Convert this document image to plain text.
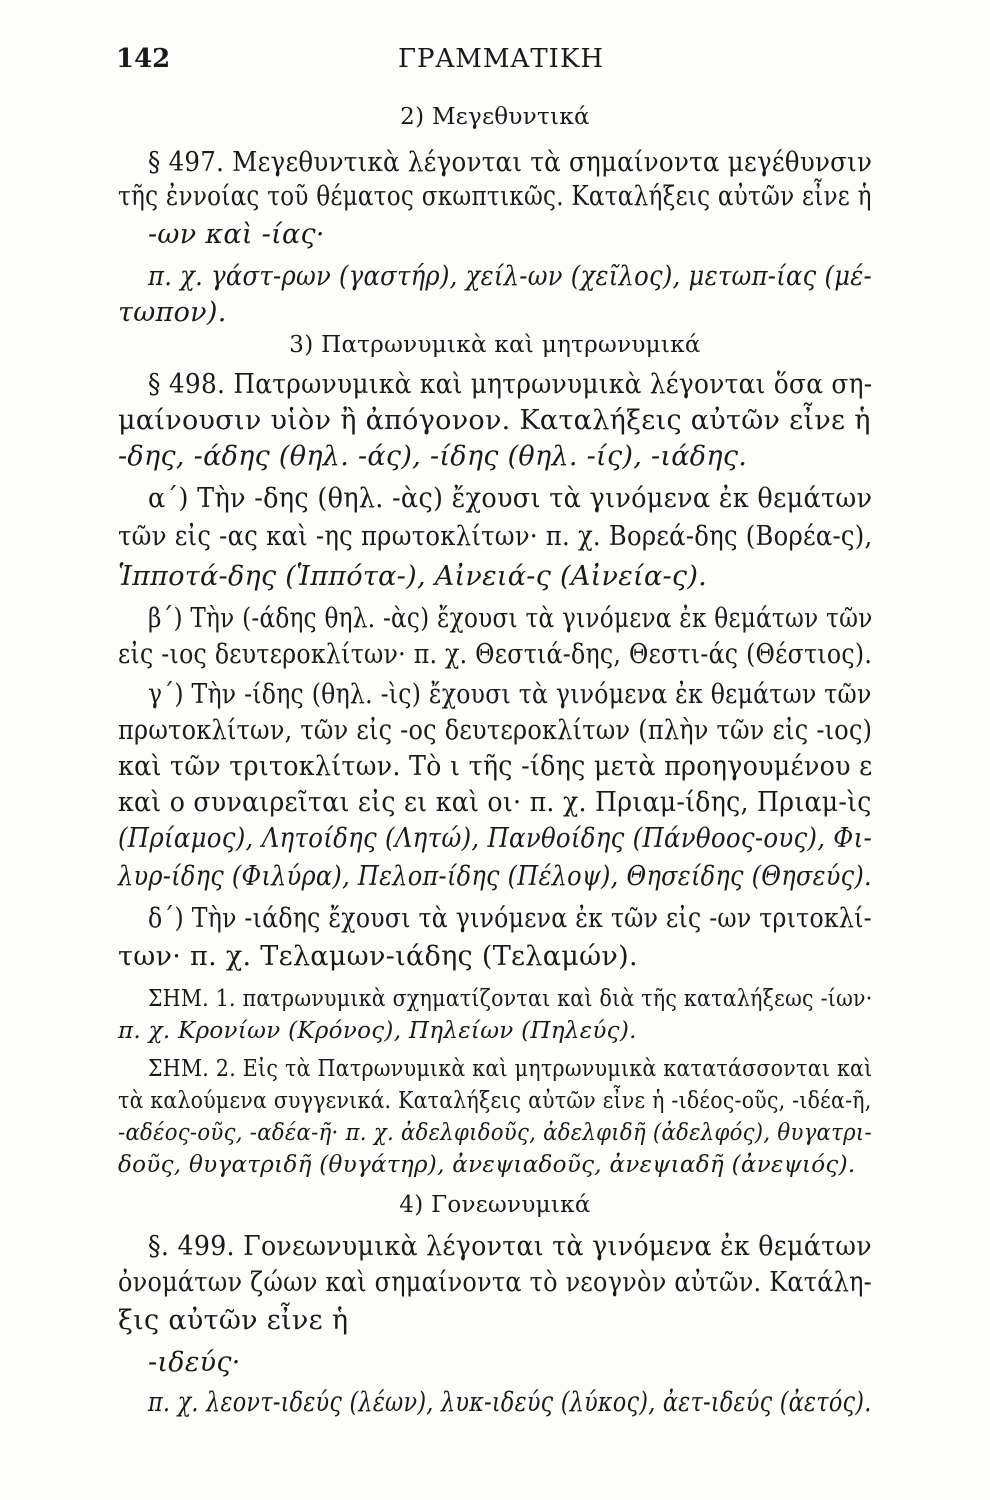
142	ΓΡΑΜΜΑΤΙΚΗ
2) Μεγεθυντικά
§ 497. Μεγεθυντικὰ λέγονται τὰ σημαίνοντα μεγέθυνσιν
τῆς ἐννοίας τοῦ θέματος σκωπτικῶς. Καταλήξεις αὐτῶν εἶνε ἡ
-ων καὶ -ίας·
π. χ. γάστ-ρων (γαστήρ), χείλ-ων (χεῖλος), μετωπ-ίας (μέ-
τωπον).
3) Πατρωνυμικὰ καὶ μητρωνυμικά
§ 498. Πατρωνυμικὰ καὶ μητρωνυμικὰ λέγονται ὅσα ση-
μαίνουσιν υἱὸν ἢ ἀπόγονον. Καταλήξεις αὐτῶν εἶνε ἡ
-δης, -άδης (θηλ. -άς), -ίδης (θηλ. -ίς), -ιάδης.
α΄) Τὴν -δης (θηλ. -ὰς) ἔχουσι τὰ γινόμενα ἐκ θεμάτων
τῶν εἰς -ας καὶ -ης πρωτοκλίτων· π. χ. Βορεά-δης (Βορέα-ς),
Ἱπποτά-δης (Ἱππότα-), Αἰνειά-ς (Αἰνεία-ς).
β΄) Τὴν (-άδης θηλ. -ὰς) ἔχουσι τὰ γινόμενα ἐκ θεμάτων τῶν
εἰς -ιος δευτεροκλίτων· π. χ. Θεστιά-δης, Θεστι-άς (Θέστιος).
γ΄) Τὴν -ίδης (θηλ. -ὶς) ἔχουσι τὰ γινόμενα ἐκ θεμάτων τῶν
πρωτοκλίτων, τῶν εἰς -ος δευτεροκλίτων (πλὴν τῶν εἰς -ιος)
καὶ τῶν τριτοκλίτων. Τὸ ι τῆς -ίδης μετὰ προηγουμένου ε
καὶ ο συναιρεῖται εἰς ει καὶ οι· π. χ. Πριαμ-ίδης, Πριαμ-ὶς
(Πρίαμος), Λητοίδης (Λητώ), Πανθοίδης (Πάνθοος-ους), Φι-
λυρ-ίδης (Φιλύρα), Πελοπ-ίδης (Πέλοψ), Θησείδης (Θησεύς).
δ΄) Τὴν -ιάδης ἔχουσι τὰ γινόμενα ἐκ τῶν εἰς -ων τριτοκλί-
των· π. χ. Τελαμων-ιάδης (Τελαμών).
ΣΗΜ. 1. πατρωνυμικὰ σχηματίζονται καὶ διὰ τῆς καταλήξεως -ίων·
π. χ. Κρονίων (Κρόνος), Πηλείων (Πηλεύς).
ΣΗΜ. 2. Εἰς τὰ Πατρωνυμικὰ καὶ μητρωνυμικὰ κατατάσσονται καὶ
τὰ καλούμενα συγγενικά. Καταλήξεις αὐτῶν εἶνε ἡ -ιδέος-οῦς, -ιδέα-ῆ,
-αδέος-οῦς, -αδέα-ῆ· π. χ. ἀδελφιδοῦς, ἀδελφιδῆ (ἀδελφός), θυγατρι-
δοῦς, θυγατριδῆ (θυγάτηρ), ἀνεψιαδοῦς, ἀνεψιαδῆ (ἀνεψιός).
4) Γονεωνυμικά
§. 499. Γονεωνυμικὰ λέγονται τὰ γινόμενα ἐκ θεμάτων
ὀνομάτων ζώων καὶ σημαίνοντα τὸ νεογνὸν αὐτῶν. Κατάλη-
ξις αὐτῶν εἶνε ἡ
-ιδεύς·
π. χ. λεοντ-ιδεύς (λέων), λυκ-ιδεύς (λύκος), ἀετ-ιδεύς (ἀετός).
